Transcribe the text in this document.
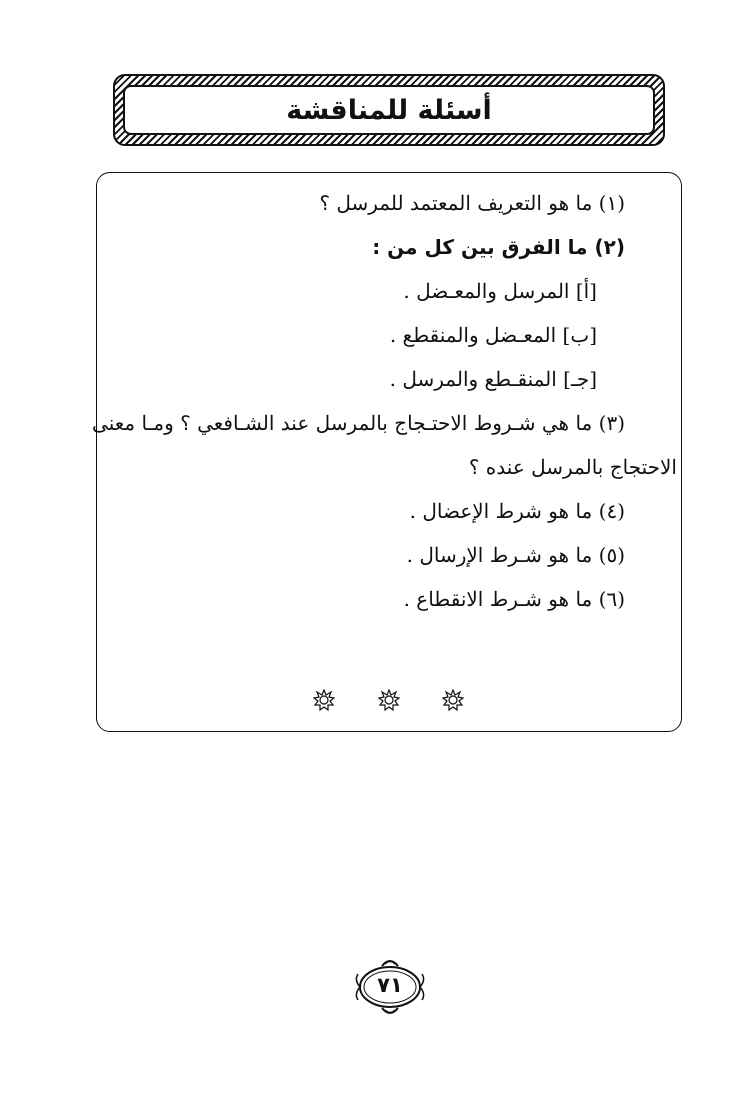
أسئلة للمناقشة
(١) ما هو التعريف المعتمد للمرسل ؟
(٢) ما الفرق بين كل من :
[أ] المرسل والمعـضل .
[ب] المعـضل والمنقطع .
[جـ] المنقـطع والمرسل .
(٣) ما هي شـروط الاحتـجاج بالمرسل عند الشـافعي ؟ ومـا معنى
الاحتجاج بالمرسل عنده ؟
(٤) ما هو شرط الإعضال .
(٥) ما هو شـرط الإرسال .
(٦) ما هو شـرط الانقطاع .
٧١
